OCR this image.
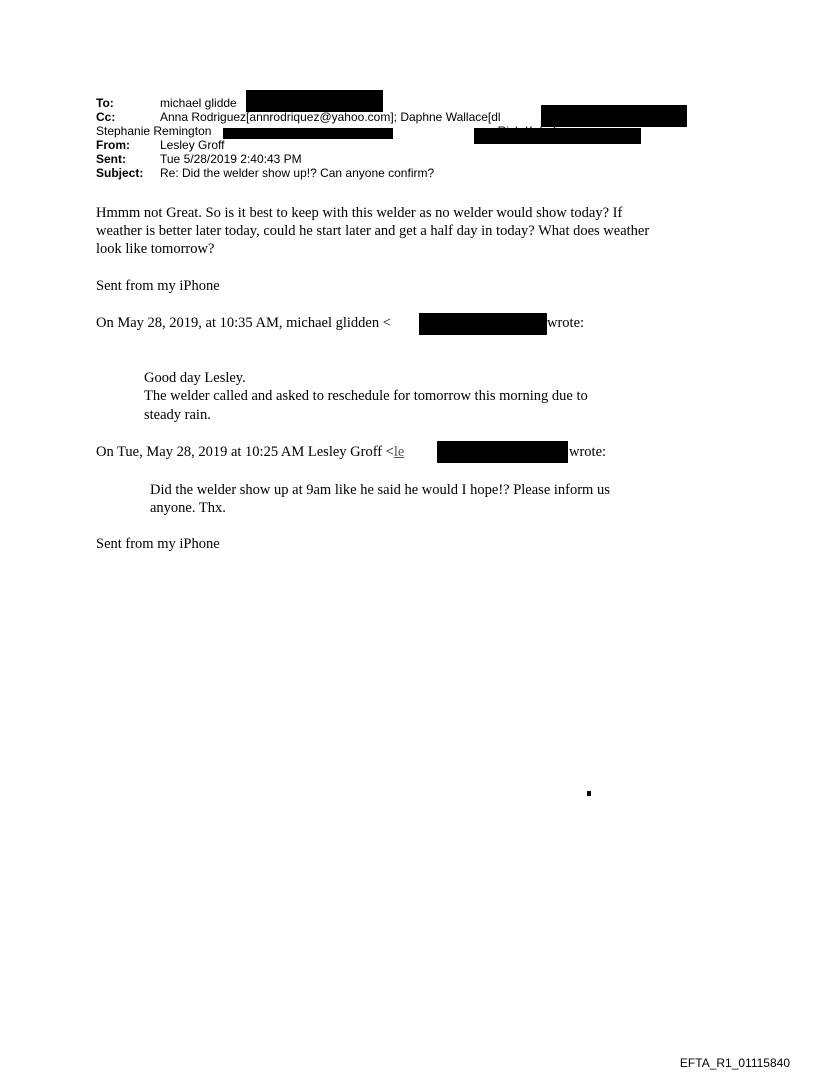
To:	michael glidde
Cc:	Anna Rodriguez[annrodriquez@yahoo.com]; Daphne Wallace[dl
Stephanie Remington
From:	Lesley Groff
Sent:	Tue 5/28/2019 2:40:43 PM
Subject: Re: Did the welder show up!? Can anyone confirm?
Hmmm not Great. So is it best to keep with this welder as no welder would show today? If
weather is better later today, could he start later and get a half day in today? What does weather
look like tomorrow?
Sent from my iPhone
On May 28, 2019, at 10:35 AM, michael glidden <	wrote:
Good day Lesley.
The welder called and asked to reschedule for tomorrow this morning due to
steady rain.
On Tue, May 28, 2019 at 10:25 AM Lesley Groff <le	wrote:
Did the welder show up at 9am like he said he would I hope!? Please inform us
anyone. Thx.
Sent from my iPhone
EFTA_R1_01115840
